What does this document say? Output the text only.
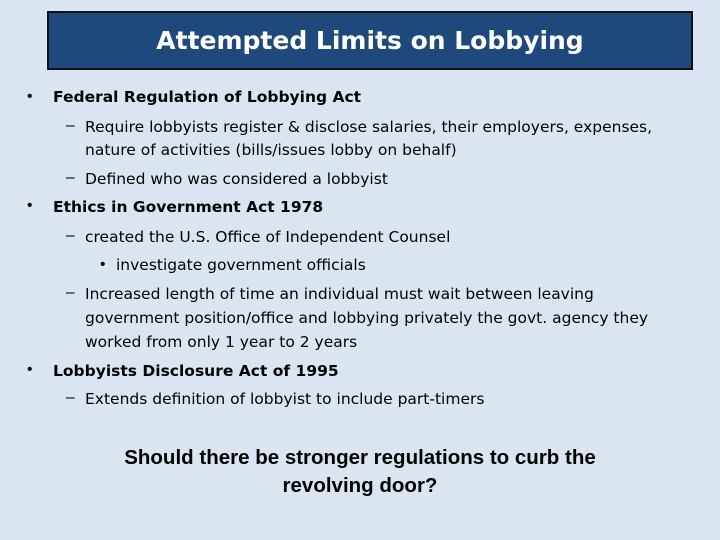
Attempted Limits on Lobbying
• Federal Regulation of Lobbying Act
– Require lobbyists register & disclose salaries, their employers, expenses,
nature of activities (bills/issues lobby on behalf)
– Defined who was considered a lobbyist
• Ethics in Government Act 1978
– created the U.S. Office of Independent Counsel
• investigate government officials
– Increased length of time an individual must wait between leaving
government position/office and lobbying privately the govt. agency they
worked from only 1 year to 2 years
• Lobbyists Disclosure Act of 1995
– Extends definition of lobbyist to include part-timers
Should there be stronger regulations to curb the
revolving door?
